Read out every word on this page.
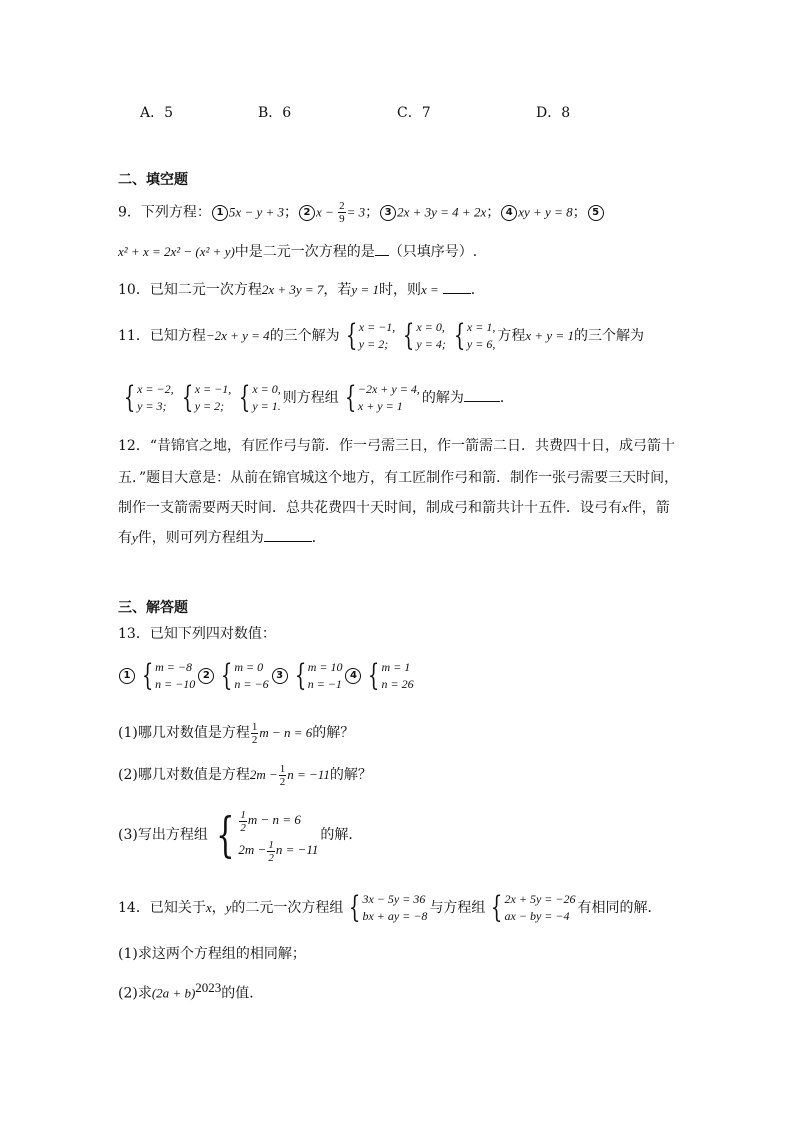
A．5	B．6	C．7	D．8
二、填空题
9．下列方程： 1 5x − y + 3； 2 $x - \frac{2}{9} = 3$； 3 2x + 3y = 4 + 2x； 4 xy + y = 8； 5
x² + x = 2x² − (x² + y)中是二元一次方程的是 （只填序号）.
10．已知二元一次方程2x + 3y = 7，若y = 1时，则x = ．
11．已知方程−2x + y = 4的三个解为 { x = −1,
y = 2; { x = 0,
y = 4; { x = 1,
y = 6, 方程x + y = 1的三个解为
{ x = −2,
y = 3; { x = −1,
y = 2; { x = 0,
y = 1. 则方程组 { −2x + y = 4,
x + y = 1	的解为	．
12．“昔锦官之地，有匠作弓与箭．作一弓需三日，作一箭需二日．共费四十日，成弓箭十
五．”题目大意是：从前在锦官城这个地方，有工匠制作弓和箭．制作一张弓需要三天时间，
制作一支箭需要两天时间．总共花费四十天时间，制成弓和箭共计十五件．设弓有x件，箭
有y件，则可列方程组为	．
三、解答题
13．已知下列四对数值：
1 { m = −8
n = −10
2 { m = 0
n = −6
3 { m = 10
n = −1
4 { m = 1
n = 26
(1)哪几对数值是方程 $\frac{1}{2}$ m − n = 6的解？
(2)哪几对数值是方程$2m - \frac{1}{2}$ n = −11的解？
(3)写出方程组 { $\frac{1}{2}$ m − n = 6
$2m - \frac{1}{2}$ n = −11
的解．
14．已知关于x，y的二元一次方程组 { 3x − 5y = 36
bx + ay = −8 与方程组 { 2x + 5y = −26
ax − by = −4 有相同的解．
(1)求这两个方程组的相同解；
(2)求$(2a + b)^{2023}$的值．
